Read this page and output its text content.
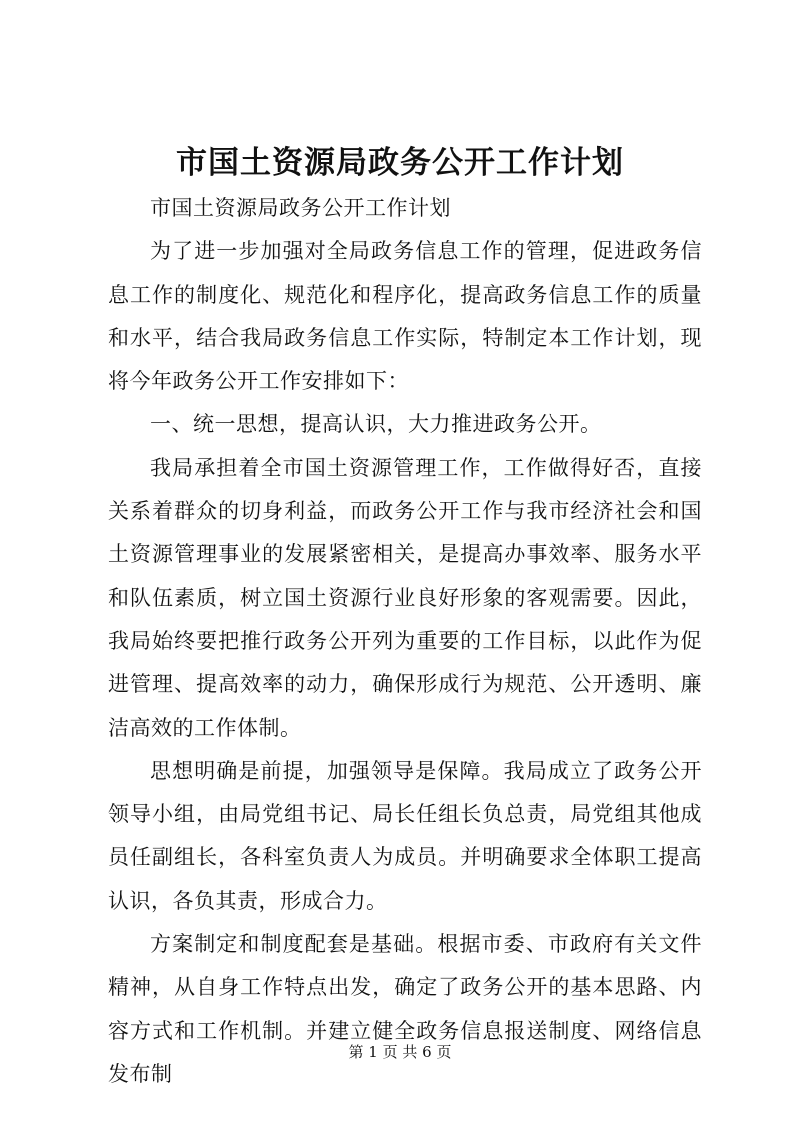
市国土资源局政务公开工作计划

市国土资源局政务公开工作计划

为了进一步加强对全局政务信息工作的管理，促进政务信息工作的制度化、规范化和程序化，提高政务信息工作的质量和水平，结合我局政务信息工作实际，特制定本工作计划，现将今年政务公开工作安排如下：

一、统一思想，提高认识，大力推进政务公开。

我局承担着全市国土资源管理工作，工作做得好否，直接关系着群众的切身利益，而政务公开工作与我市经济社会和国土资源管理事业的发展紧密相关，是提高办事效率、服务水平和队伍素质，树立国土资源行业良好形象的客观需要。因此，我局始终要把推行政务公开列为重要的工作目标，以此作为促进管理、提高效率的动力，确保形成行为规范、公开透明、廉洁高效的工作体制。

思想明确是前提，加强领导是保障。我局成立了政务公开领导小组，由局党组书记、局长任组长负总责，局党组其他成员任副组长，各科室负责人为成员。并明确要求全体职工提高认识，各负其责，形成合力。

方案制定和制度配套是基础。根据市委、市政府有关文件精神，从自身工作特点出发，确定了政务公开的基本思路、内容方式和工作机制。并建立健全政务信息报送制度、网络信息发布制

第 1 页 共 6 页
